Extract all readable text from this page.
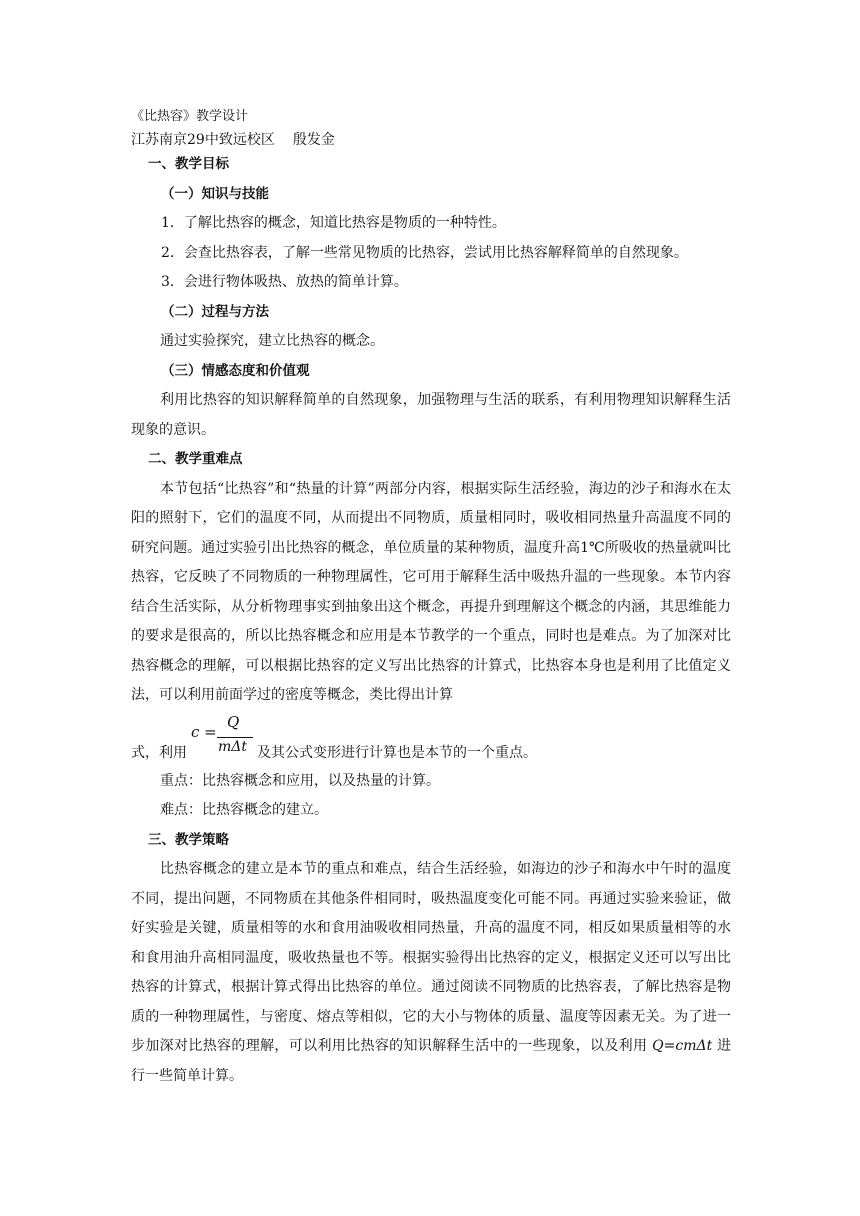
《比热容》教学设计
江苏南京29中致远校区 殷发金
一、教学目标
（一）知识与技能
1．了解比热容的概念，知道比热容是物质的一种特性。
2．会查比热容表，了解一些常见物质的比热容，尝试用比热容解释简单的自然现象。
3．会进行物体吸热、放热的简单计算。
（二）过程与方法
通过实验探究，建立比热容的概念。
（三）情感态度和价值观
利用比热容的知识解释简单的自然现象，加强物理与生活的联系，有利用物理知识解释生活现象的意识。
二、教学重难点
本节包括“比热容”和“热量的计算”两部分内容，根据实际生活经验，海边的沙子和海水在太阳的照射下，它们的温度不同，从而提出不同物质，质量相同时，吸收相同热量升高温度不同的研究问题。通过实验引出比热容的概念，单位质量的某种物质，温度升高1℃所吸收的热量就叫比热容，它反映了不同物质的一种物理属性，它可用于解释生活中吸热升温的一些现象。本节内容结合生活实际，从分析物理事实到抽象出这个概念，再提升到理解这个概念的内涵，其思维能力的要求是很高的，所以比热容概念和应用是本节教学的一个重点，同时也是难点。为了加深对比热容概念的理解，可以根据比热容的定义写出比热容的计算式，比热容本身也是利用了比值定义法，可以利用前面学过的密度等概念，类比得出计算
式，利用
c =
Q
mΔt 及其公式变形进行计算也是本节的一个重点。
重点：比热容概念和应用，以及热量的计算。
难点：比热容概念的建立。
三、教学策略
比热容概念的建立是本节的重点和难点，结合生活经验，如海边的沙子和海水中午时的温度不同，提出问题，不同物质在其他条件相同时，吸热温度变化可能不同。再通过实验来验证，做好实验是关键，质量相等的水和食用油吸收相同热量，升高的温度不同，相反如果质量相等的水和食用油升高相同温度，吸收热量也不等。根据实验得出比热容的定义，根据定义还可以写出比热容的计算式，根据计算式得出比热容的单位。通过阅读不同物质的比热容表，了解比热容是物质的一种物理属性，与密度、熔点等相似，它的大小与物体的质量、温度等因素无关。为了进一步加深对比热容的理解，可以利用比热容的知识解释生活中的一些现象，以及利用 Q=cmΔt 进行一些简单计算。
